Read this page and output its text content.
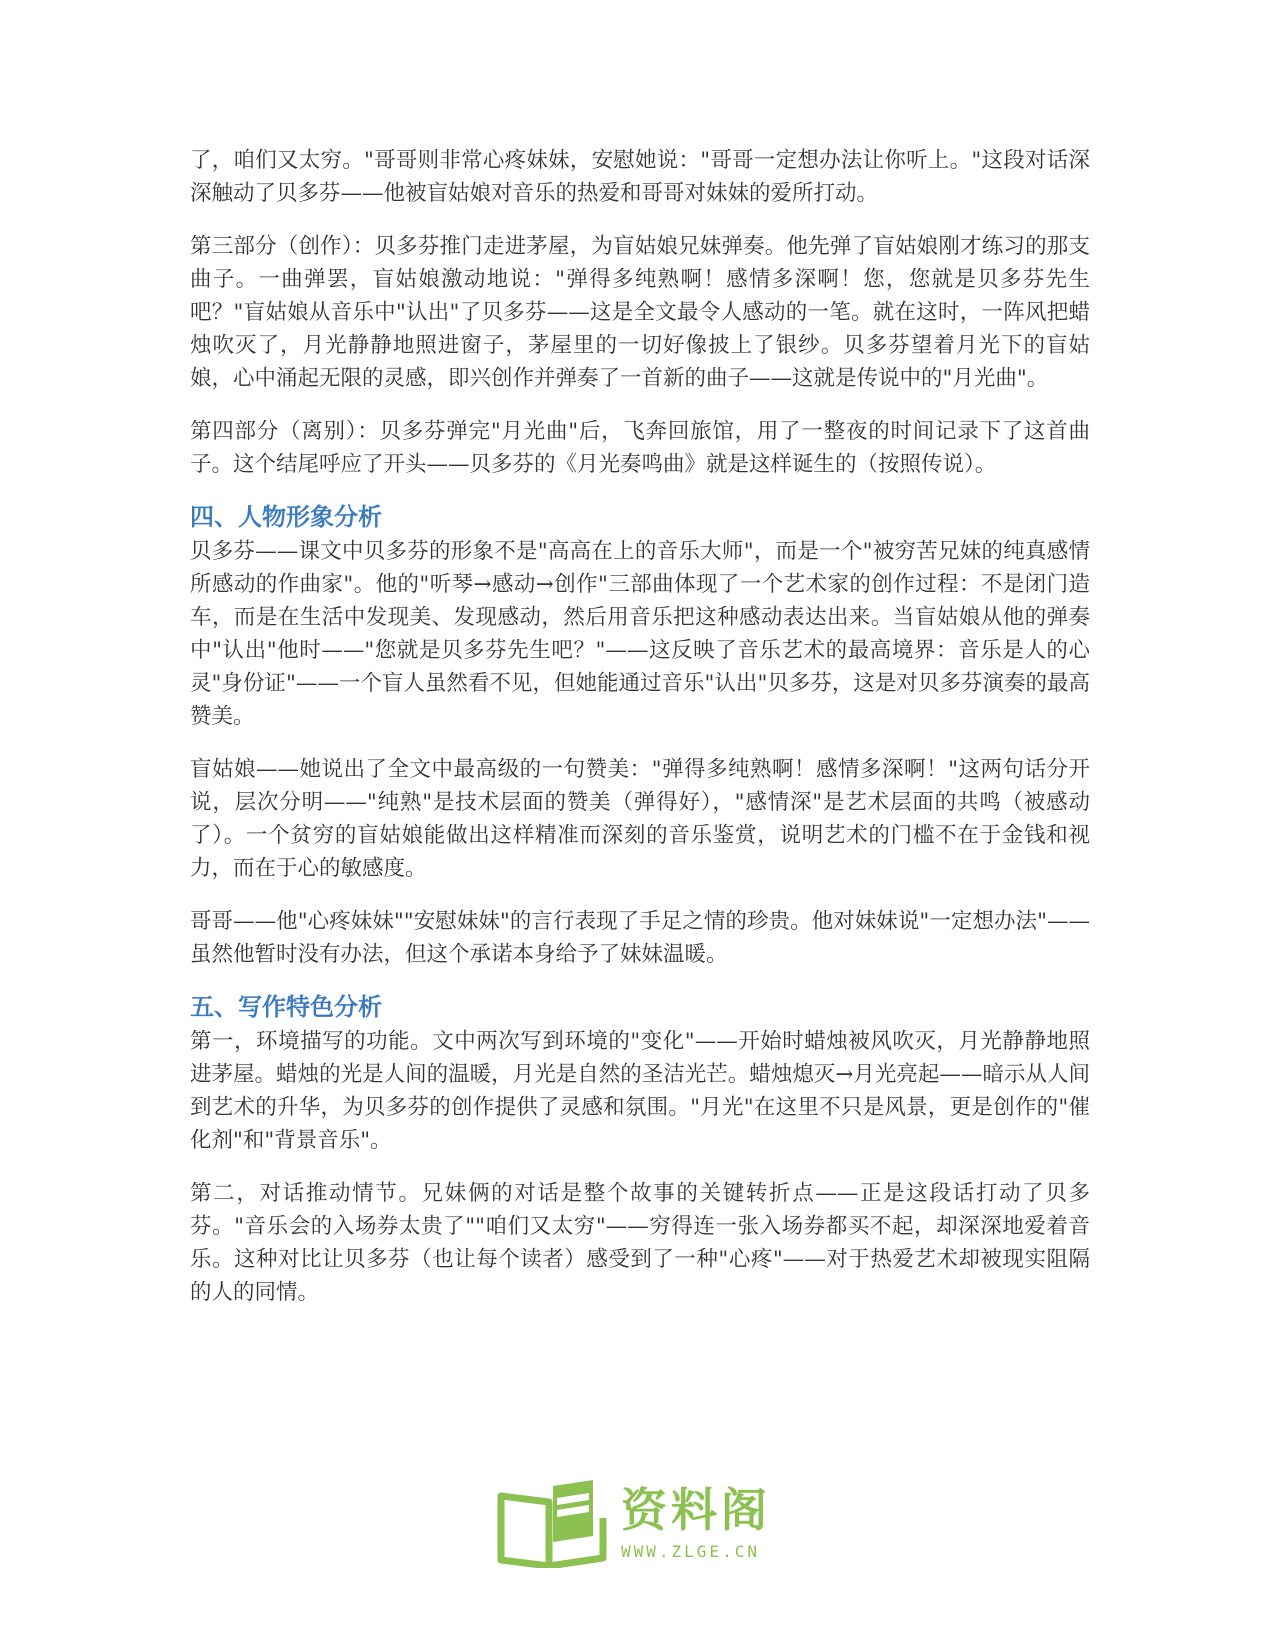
了，咱们又太穷。"哥哥则非常心疼妹妹，安慰她说："哥哥一定想办法让你听上。"这段对话深深触动了贝多芬——他被盲姑娘对音乐的热爱和哥哥对妹妹的爱所打动。

第三部分（创作）：贝多芬推门走进茅屋，为盲姑娘兄妹弹奏。他先弹了盲姑娘刚才练习的那支曲子。一曲弹罢，盲姑娘激动地说："弹得多纯熟啊！感情多深啊！您，您就是贝多芬先生吧？"盲姑娘从音乐中"认出"了贝多芬——这是全文最令人感动的一笔。就在这时，一阵风把蜡烛吹灭了，月光静静地照进窗子，茅屋里的一切好像披上了银纱。贝多芬望着月光下的盲姑娘，心中涌起无限的灵感，即兴创作并弹奏了一首新的曲子——这就是传说中的"月光曲"。

第四部分（离别）：贝多芬弹完"月光曲"后，飞奔回旅馆，用了一整夜的时间记录下了这首曲子。这个结尾呼应了开头——贝多芬的《月光奏鸣曲》就是这样诞生的（按照传说）。

四、人物形象分析

贝多芬——课文中贝多芬的形象不是"高高在上的音乐大师"，而是一个"被穷苦兄妹的纯真感情所感动的作曲家"。他的"听琴→感动→创作"三部曲体现了一个艺术家的创作过程：不是闭门造车，而是在生活中发现美、发现感动，然后用音乐把这种感动表达出来。当盲姑娘从他的弹奏中"认出"他时——"您就是贝多芬先生吧？"——这反映了音乐艺术的最高境界：音乐是人的心灵"身份证"——一个盲人虽然看不见，但她能通过音乐"认出"贝多芬，这是对贝多芬演奏的最高赞美。

盲姑娘——她说出了全文中最高级的一句赞美："弹得多纯熟啊！感情多深啊！"这两句话分开说，层次分明——"纯熟"是技术层面的赞美（弹得好），"感情深"是艺术层面的共鸣（被感动了）。一个贫穷的盲姑娘能做出这样精准而深刻的音乐鉴赏，说明艺术的门槛不在于金钱和视力，而在于心的敏感度。

哥哥——他"心疼妹妹""安慰妹妹"的言行表现了手足之情的珍贵。他对妹妹说"一定想办法"——虽然他暂时没有办法，但这个承诺本身给予了妹妹温暖。

五、写作特色分析

第一，环境描写的功能。文中两次写到环境的"变化"——开始时蜡烛被风吹灭，月光静静地照进茅屋。蜡烛的光是人间的温暖，月光是自然的圣洁光芒。蜡烛熄灭→月光亮起——暗示从人间到艺术的升华，为贝多芬的创作提供了灵感和氛围。"月光"在这里不只是风景，更是创作的"催化剂"和"背景音乐"。

第二，对话推动情节。兄妹俩的对话是整个故事的关键转折点——正是这段话打动了贝多芬。"音乐会的入场券太贵了""咱们又太穷"——穷得连一张入场券都买不起，却深深地爱着音乐。这种对比让贝多芬（也让每个读者）感受到了一种"心疼"——对于热爱艺术却被现实阻隔的人的同情。

资料阁
WWW.ZLGE.CN
